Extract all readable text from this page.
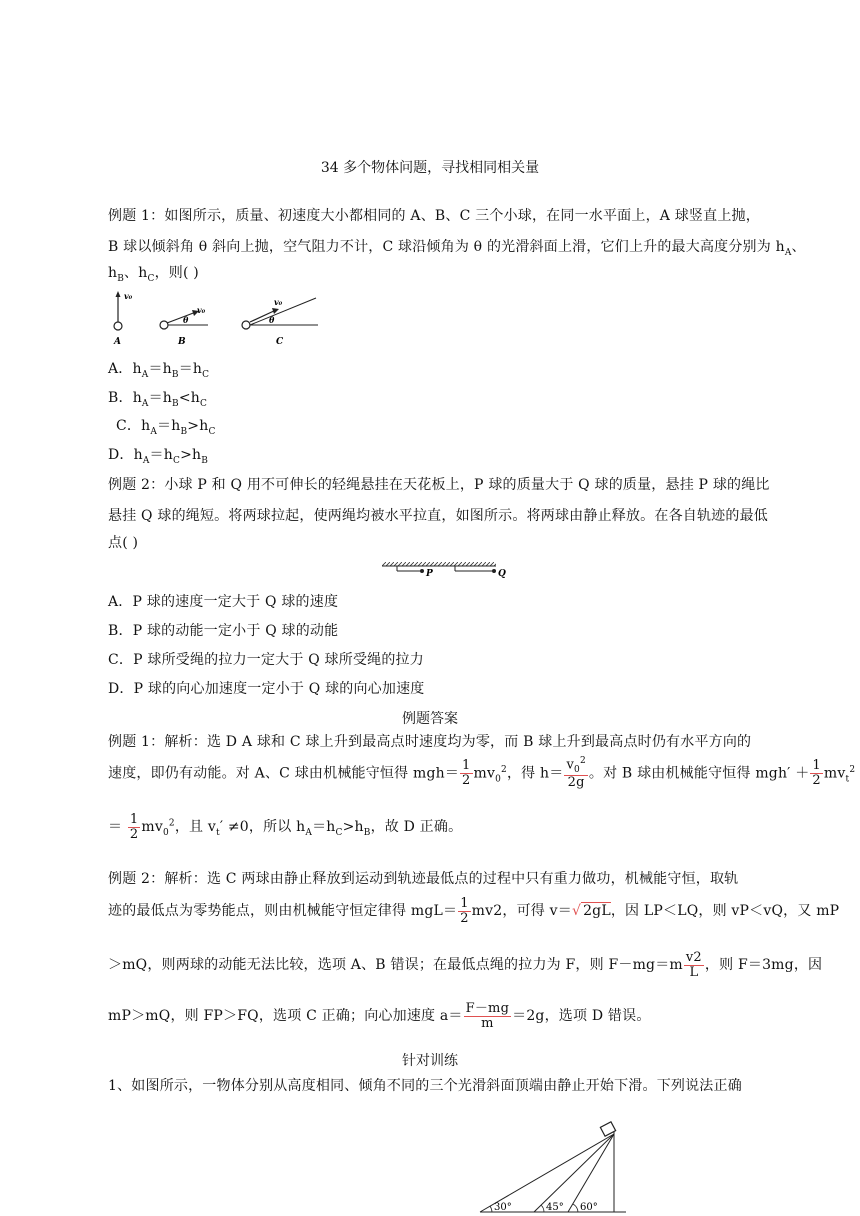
34 多个物体问题，寻找相同相关量
例题 1：如图所示，质量、初速度大小都相同的 A、B、C 三个小球，在同一水平面上，A 球竖直上抛，
B 球以倾斜角 θ 斜向上抛，空气阻力不计，C 球沿倾角为 θ 的光滑斜面上滑，它们上升的最大高度分别为 $h_A$、
$h_B$、$h_C$，则( )
v₀
A
v₀
θ
B
v₀
θ
C
A．$h_A=h_B=h_C$
B．$h_A=h_B<h_C$
C．$h_A=h_B>h_C$
D．$h_A=h_C>h_B$
例题 2：小球 P 和 Q 用不可伸长的轻绳悬挂在天花板上，P 球的质量大于 Q 球的质量，悬挂 P 球的绳比
悬挂 Q 球的绳短。将两球拉起，使两绳均被水平拉直，如图所示。将两球由静止释放。在各自轨迹的最低
点( )
P	Q
A．P 球的速度一定大于 Q 球的速度
B．P 球的动能一定小于 Q 球的动能
C．P 球所受绳的拉力一定大于 Q 球所受绳的拉力
D．P 球的向心加速度一定小于 Q 球的向心加速度
例题答案
例题 1：解析：选 D A 球和 C 球上升到最高点时速度均为零，而 B 球上升到最高点时仍有水平方向的
速度，即仍有动能。对 A、C 球由机械能守恒得 $mgh= \frac{1}{2} mv_0^2$，得 $h= \frac{v_0^2}{2g}$ 。对 B 球由机械能守恒得 $mgh' + \frac{1}{2} mv_t^2$
＝ $\frac{1}{2} mv_0^2$，且 $v_t' \ne 0$，所以 $h_A=h_C>h_B$，故 D 正确。
例题 2：解析：选 C 两球由静止释放到运动到轨迹最低点的过程中只有重力做功，机械能守恒，取轨
迹的最低点为零势能点，则由机械能守恒定律得 $mgL= \frac{1}{2} mv2$，可得 v＝√ 2gL，因 LP＜LQ，则 vP＜vQ，又 mP
＞mQ，则两球的动能无法比较，选项 A、B 错误；在最低点绳的拉力为 F，则 $F-mg=m \frac{v2}{L}$ ，则 F＝3mg，因
mP＞mQ，则 FP＞FQ，选项 C 正确；向心加速度 $a= \frac{F-mg}{m} =2g$，选项 D 错误。
针对训练
1、如图所示，一物体分别从高度相同、倾角不同的三个光滑斜面顶端由静止开始下滑。下列说法正确
30°	45° 60°
